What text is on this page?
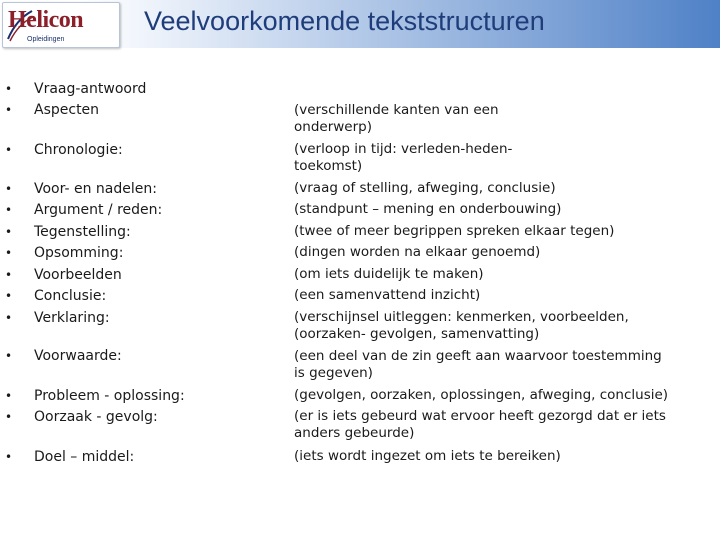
Helicon
Opleidingen
Veelvoorkomende tekststructuren
• Vraag-antwoord
• Aspecten
• Chronologie:
• Voor- en nadelen:
• Argument / reden:
• Tegenstelling:
• Opsomming:
• Voorbeelden
• Conclusie:
• Verklaring:
• Voorwaarde:
• Probleem - oplossing:
• Oorzaak - gevolg:
• Doel – middel:
(verschillende kanten van een
onderwerp)
(verloop in tijd: verleden-heden-
toekomst)
(vraag of stelling, afweging, conclusie)
(standpunt – mening en onderbouwing)
(twee of meer begrippen spreken elkaar tegen)
(dingen worden na elkaar genoemd)
(om iets duidelijk te maken)
(een samenvattend inzicht)
(verschijnsel uitleggen: kenmerken, voorbeelden,
(oorzaken- gevolgen, samenvatting)
(een deel van de zin geeft aan waarvoor toestemming
is gegeven)
(gevolgen, oorzaken, oplossingen, afweging, conclusie)
(er is iets gebeurd wat ervoor heeft gezorgd dat er iets
anders gebeurde)
(iets wordt ingezet om iets te bereiken)
